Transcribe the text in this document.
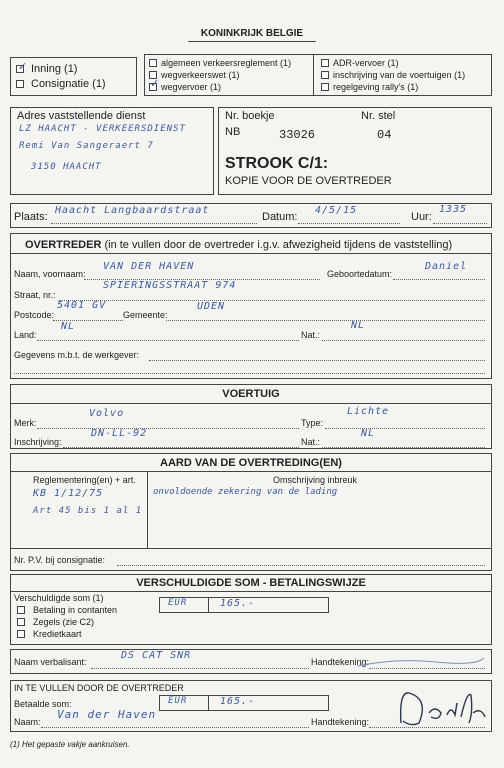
KONINKRIJK BELGIE
✓ Inning (1)
Consignatie (1)
algemeen verkeersreglement (1)
wegverkeerswet (1)
✓ wegvervoer (1)
ADR-vervoer (1)
inschrijving van de voertuigen (1)
regelgeving rally's (1)
Adres vaststellende dienst
LZ HAACHT - VERKEERSDIENST
Remi Van Sangeraert 7
3150 HAACHT
Nr. boekje
NB	33026
Nr. stel
04
STROOK C/1:
KOPIE VOOR DE OVERTREDER
Plaats:
Haacht Langbaardstraat
Datum:
4/5/15
Uur:
1335
OVERTREDER (in te vullen door de overtreder i.g.v. afwezigheid tijdens de vaststelling)
Naam, voornaam:
VAN DER HAVEN
Geboortedatum:
Daniel
Straat, nr.:
SPIERINGSSTRAAT 974
Postcode:
5401 GV
Gemeente:
UDEN
Land:
NL
Nat.:
NL
Gegevens m.b.t. de werkgever:
VOERTUIG
Merk:
Volvo
Type:
Lichte
Inschrijving:
DN-LL-92
Nat.:
NL
AARD VAN DE OVERTREDING(EN)
Reglementering(en) + art.
KB 1/12/75
Art 45 bis 1 al 1
Omschrijving inbreuk
onvoldoende zekering van de lading
Nr. P.V. bij consignatie:
VERSCHULDIGDE SOM - BETALINGSWIJZE
Verschuldigde som (1)
Betaling in contanten
Zegels (zie C2)
Kredietkaart
EUR	165.-
Naam verbalisant:
DS CAT SNR
Handtekening:
IN TE VULLEN DOOR DE OVERTREDER
Betaalde som:	EUR	165.-
Naam:
Van der Haven
Handtekening:
(1) Het gepaste vakje aankruisen.
